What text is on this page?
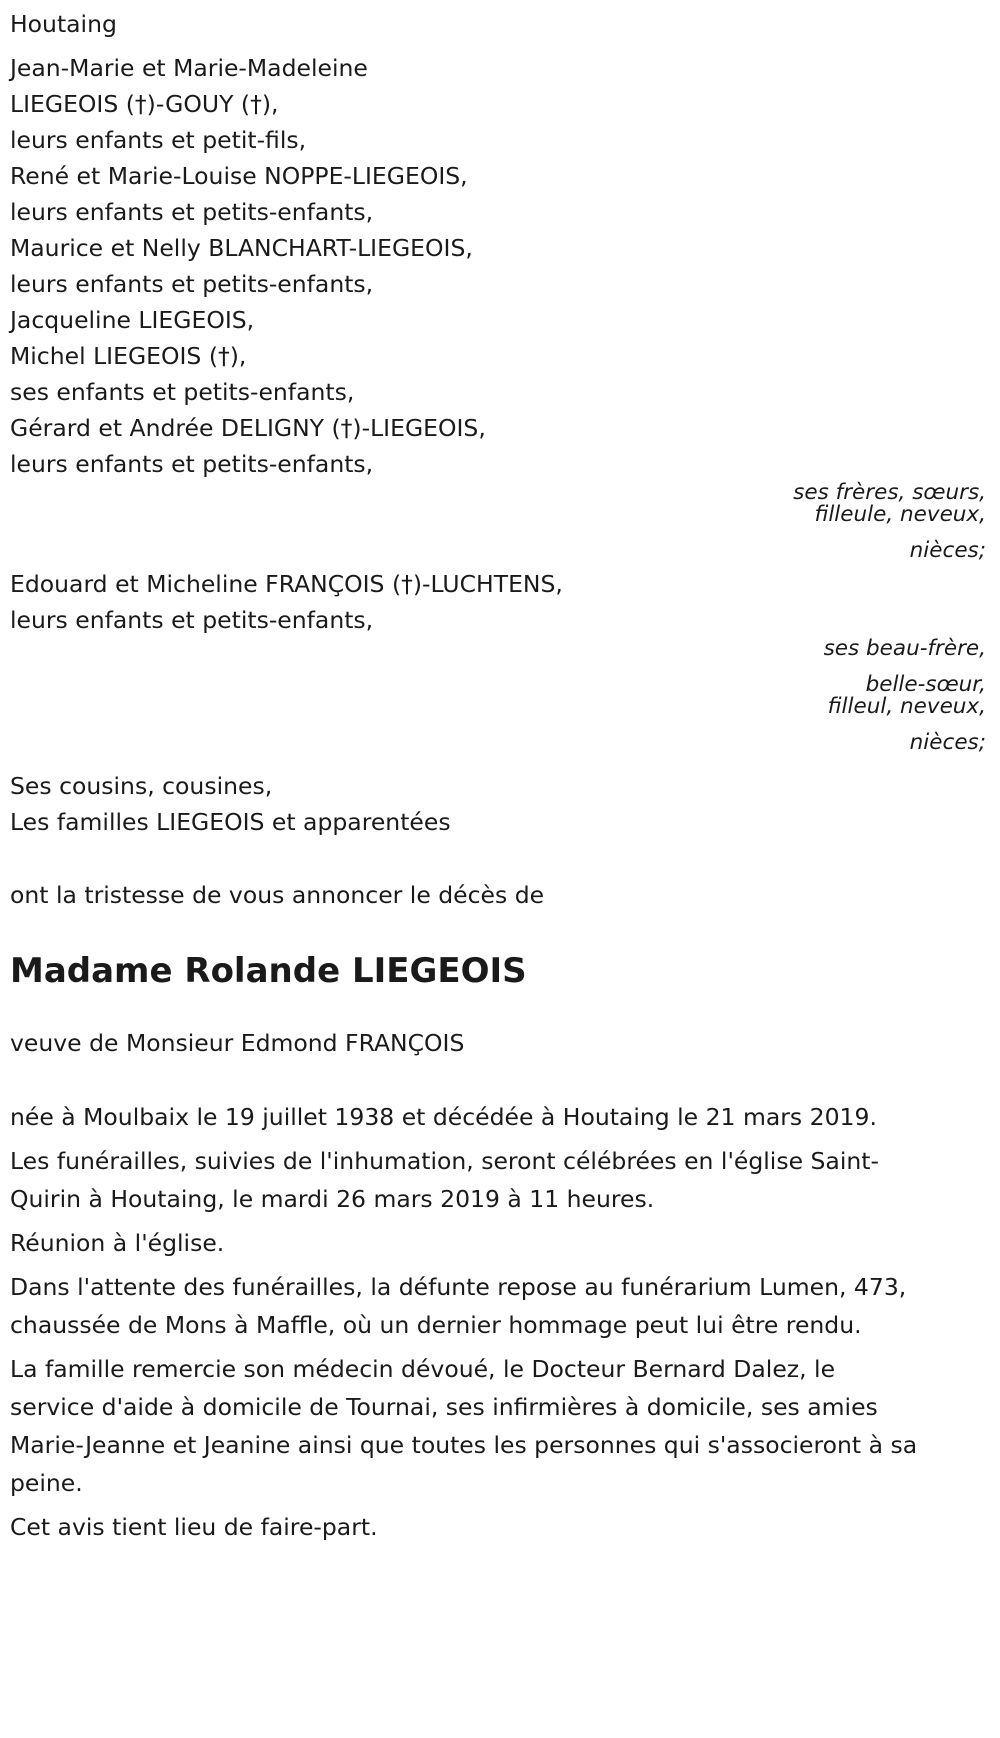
Houtaing
Jean-Marie et Marie-Madeleine
LIEGEOIS (†)-GOUY (†),
leurs enfants et petit-fils,
René et Marie-Louise NOPPE-LIEGEOIS,
leurs enfants et petits-enfants,
Maurice et Nelly BLANCHART-LIEGEOIS,
leurs enfants et petits-enfants,
Jacqueline LIEGEOIS,
Michel LIEGEOIS (†),
ses enfants et petits-enfants,
Gérard et Andrée DELIGNY (†)-LIEGEOIS,
leurs enfants et petits-enfants,
ses frères, sœurs,
filleule, neveux,
nièces;
Edouard et Micheline FRANÇOIS (†)-LUCHTENS,
leurs enfants et petits-enfants,
ses beau-frère,
belle-sœur,
filleul, neveux,
nièces;
Ses cousins, cousines,
Les familles LIEGEOIS et apparentées
ont la tristesse de vous annoncer le décès de
Madame Rolande LIEGEOIS
veuve de Monsieur Edmond FRANÇOIS
née à Moulbaix le 19 juillet 1938 et décédée à Houtaing le 21 mars 2019.
Les funérailles, suivies de l'inhumation, seront célébrées en l'église Saint-Quirin à Houtaing, le mardi 26 mars 2019 à 11 heures.
Réunion à l'église.
Dans l'attente des funérailles, la défunte repose au funérarium Lumen, 473, chaussée de Mons à Maffle, où un dernier hommage peut lui être rendu.
La famille remercie son médecin dévoué, le Docteur Bernard Dalez, le service d'aide à domicile de Tournai, ses infirmières à domicile, ses amies Marie-Jeanne et Jeanine ainsi que toutes les personnes qui s'associeront à sa peine.
Cet avis tient lieu de faire-part.
